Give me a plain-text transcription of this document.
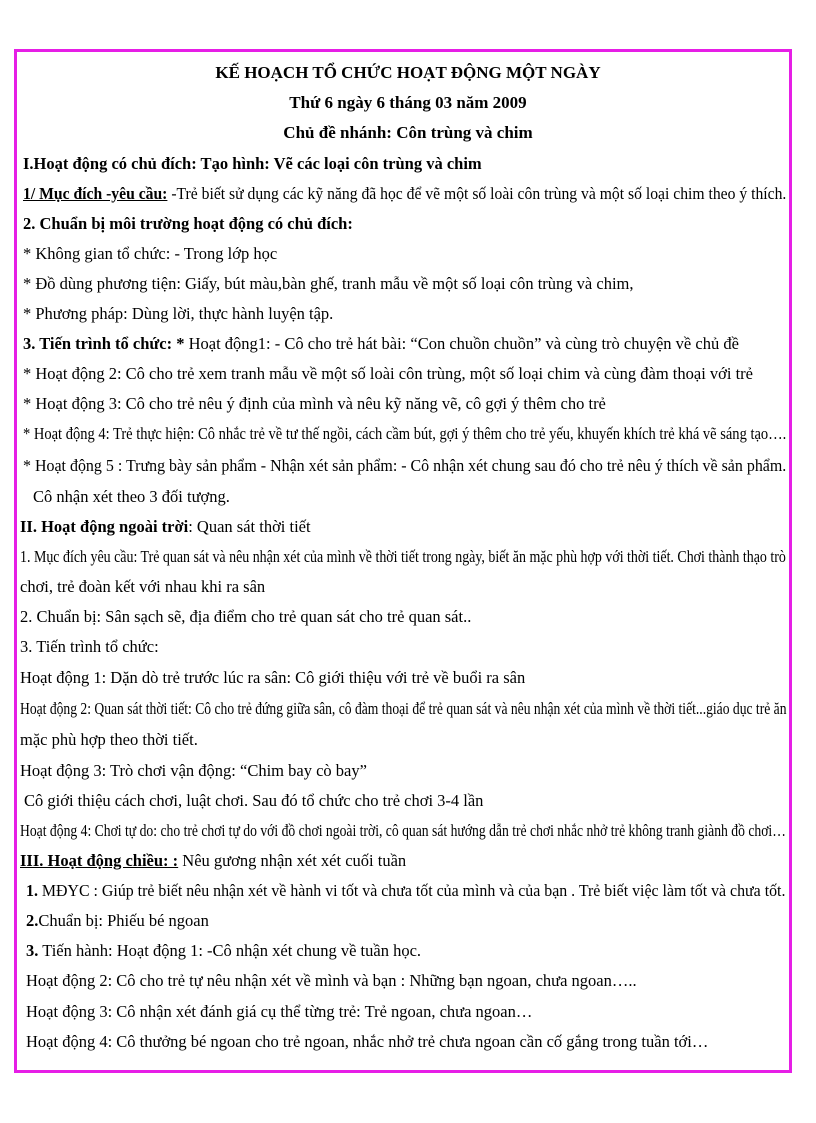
KẾ HOẠCH TỔ CHỨC HOẠT ĐỘNG MỘT NGÀY
Thứ 6 ngày 6 tháng 03 năm 2009
Chủ đề nhánh: Côn trùng và chim
I.Hoạt động có chủ đích: Tạo hình: Vẽ các loại côn trùng và chim
1/ Mục đích -yêu cầu: -Trẻ biết sử dụng các kỹ năng đã học để vẽ một số loài côn trùng và một số loại chim theo ý thích.
2. Chuẩn bị môi trường hoạt động có chủ đích:
* Không gian tổ chức: - Trong lớp học
* Đồ dùng phương tiện: Giấy, bút màu,bàn ghế, tranh mẫu về một số loại côn trùng và chim,
* Phương pháp: Dùng lời, thực hành luyện tập.
3. Tiến trình tổ chức: * Hoạt động1: - Cô cho trẻ hát bài: “Con chuồn chuồn” và cùng trò chuyện về chủ đề
* Hoạt động 2: Cô cho trẻ xem tranh mẫu về một số loài côn trùng, một số loại chim và cùng đàm thoại với trẻ
* Hoạt động 3: Cô cho trẻ nêu ý định của mình và nêu kỹ năng vẽ, cô gợi ý thêm cho trẻ
* Hoạt động 4: Trẻ thực hiện: Cô nhắc trẻ về tư thế ngồi, cách cầm bút, gợi ý thêm cho trẻ yếu, khuyến khích trẻ khá vẽ sáng tạo….
* Hoạt động 5 : Trưng bày sản phẩm - Nhận xét sản phẩm: - Cô nhận xét chung sau đó cho trẻ nêu ý thích về sản phẩm.
Cô nhận xét theo 3 đối tượng.
II. Hoạt động ngoài trời: Quan sát thời tiết
1. Mục đích yêu cầu: Trẻ quan sát và nêu nhận xét của mình về thời tiết trong ngày, biết ăn mặc phù hợp với thời tiết. Chơi thành thạo trò
chơi, trẻ đoàn kết với nhau khi ra sân
2. Chuẩn bị: Sân sạch sẽ, địa điểm cho trẻ quan sát cho trẻ quan sát..
3. Tiến trình tổ chức:
Hoạt động 1: Dặn dò trẻ trước lúc ra sân: Cô giới thiệu với trẻ về buổi ra sân
Hoạt động 2: Quan sát thời tiết: Cô cho trẻ đứng giữa sân, cô đàm thoại để trẻ quan sát và nêu nhận xét của mình về thời tiết...giáo dục trẻ ăn
mặc phù hợp theo thời tiết.
Hoạt động 3: Trò chơi vận động: “Chim bay cò bay”
Cô giới thiệu cách chơi, luật chơi. Sau đó tổ chức cho trẻ chơi 3-4 lần
Hoạt động 4: Chơi tự do: cho trẻ chơi tự do với đồ chơi ngoài trời, cô quan sát hướng dẫn trẻ chơi nhắc nhở trẻ không tranh giành đồ chơi…
III. Hoạt động chiều: : Nêu gương nhận xét xét cuối tuần
1. MĐYC : Giúp trẻ biết nêu nhận xét về hành vi tốt và chưa tốt của mình và của bạn . Trẻ biết việc làm tốt và chưa tốt.
2.Chuẩn bị: Phiếu bé ngoan
3. Tiến hành: Hoạt động 1: -Cô nhận xét chung về tuần học.
Hoạt động 2: Cô cho trẻ tự nêu nhận xét về mình và bạn : Những bạn ngoan, chưa ngoan…..
Hoạt động 3: Cô nhận xét đánh giá cụ thể từng trẻ: Trẻ ngoan, chưa ngoan…
Hoạt động 4: Cô thưởng bé ngoan cho trẻ ngoan, nhắc nhở trẻ chưa ngoan cần cố gắng trong tuần tới…
